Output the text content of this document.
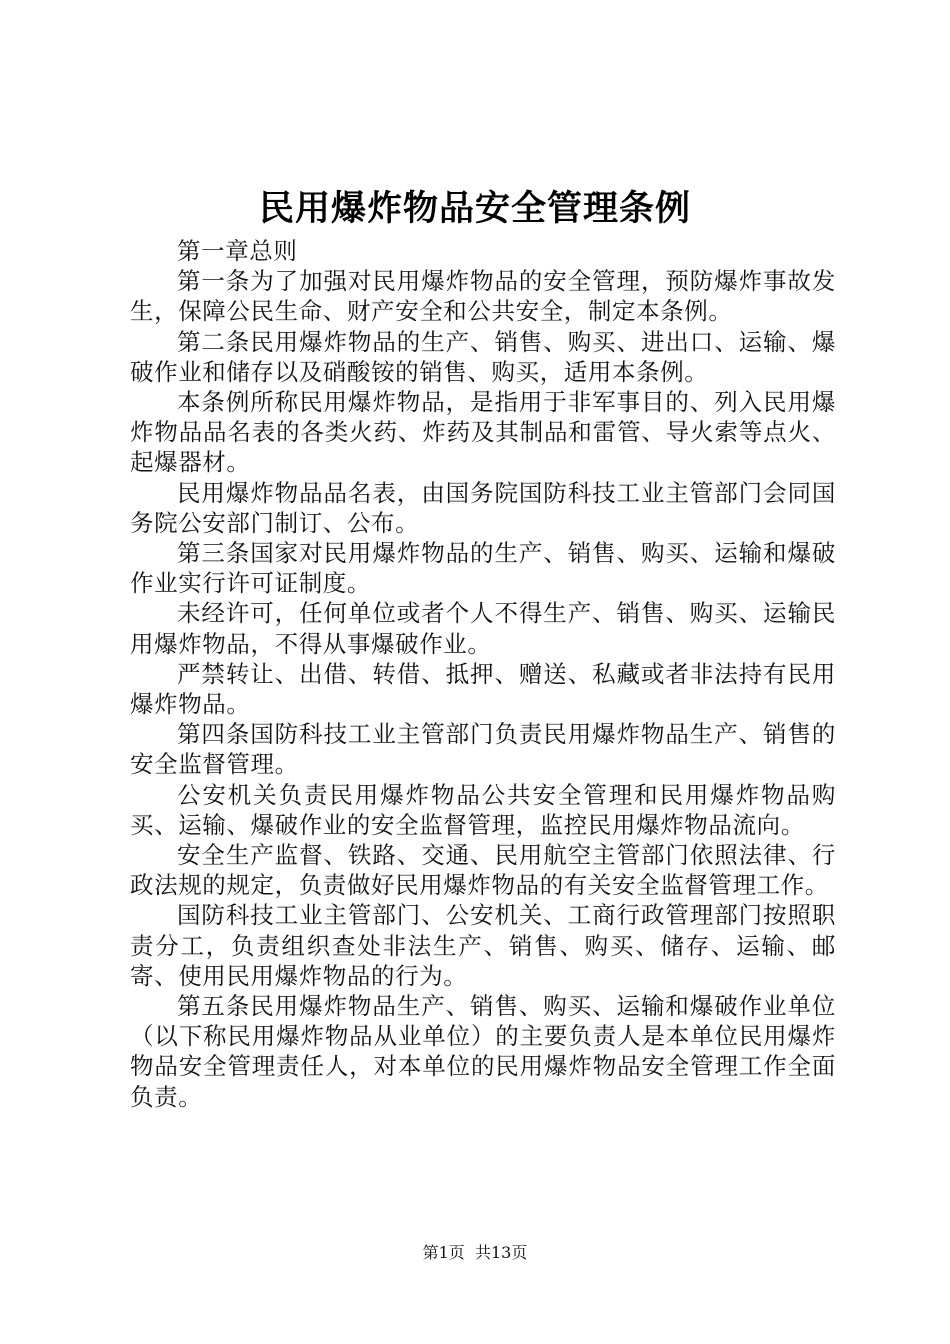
民用爆炸物品安全管理条例

第一章总则

第一条为了加强对民用爆炸物品的安全管理，预防爆炸事故发生，保障公民生命、财产安全和公共安全，制定本条例。

第二条民用爆炸物品的生产、销售、购买、进出口、运输、爆破作业和储存以及硝酸铵的销售、购买，适用本条例。

本条例所称民用爆炸物品，是指用于非军事目的、列入民用爆炸物品品名表的各类火药、炸药及其制品和雷管、导火索等点火、起爆器材。

民用爆炸物品品名表，由国务院国防科技工业主管部门会同国务院公安部门制订、公布。

第三条国家对民用爆炸物品的生产、销售、购买、运输和爆破作业实行许可证制度。

未经许可，任何单位或者个人不得生产、销售、购买、运输民用爆炸物品，不得从事爆破作业。

严禁转让、出借、转借、抵押、赠送、私藏或者非法持有民用爆炸物品。

第四条国防科技工业主管部门负责民用爆炸物品生产、销售的安全监督管理。

公安机关负责民用爆炸物品公共安全管理和民用爆炸物品购买、运输、爆破作业的安全监督管理，监控民用爆炸物品流向。

安全生产监督、铁路、交通、民用航空主管部门依照法律、行政法规的规定，负责做好民用爆炸物品的有关安全监督管理工作。

国防科技工业主管部门、公安机关、工商行政管理部门按照职责分工，负责组织查处非法生产、销售、购买、储存、运输、邮寄、使用民用爆炸物品的行为。

第五条民用爆炸物品生产、销售、购买、运输和爆破作业单位（以下称民用爆炸物品从业单位）的主要负责人是本单位民用爆炸物品安全管理责任人，对本单位的民用爆炸物品安全管理工作全面负责。

第1页 共13页
